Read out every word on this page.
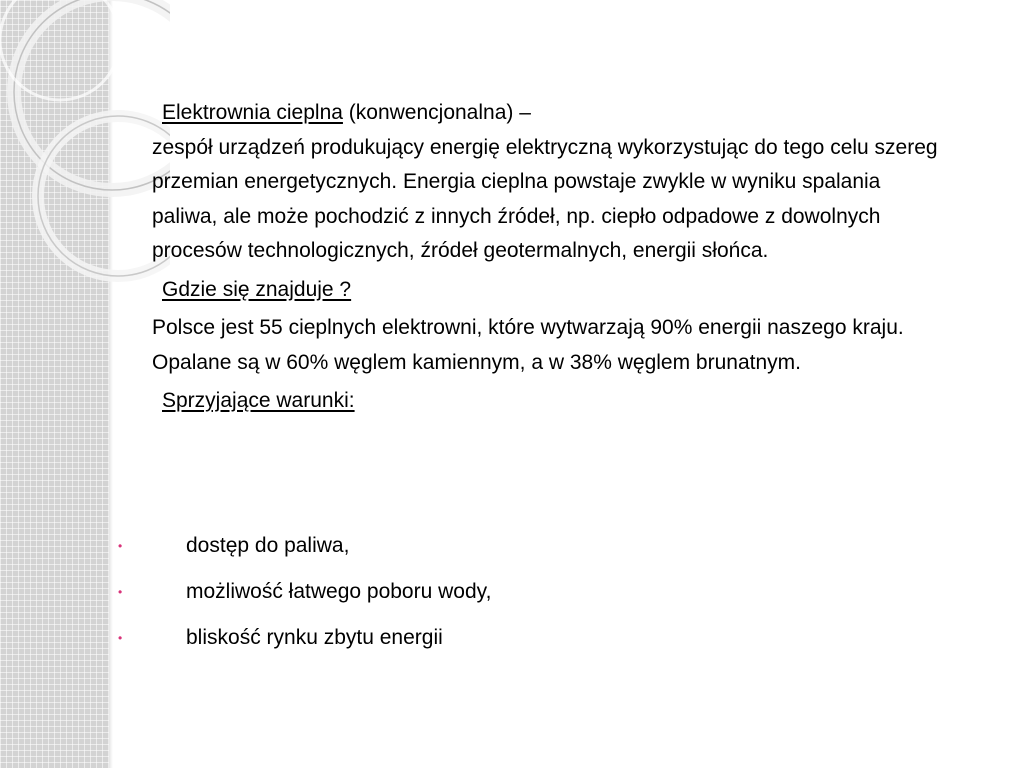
Elektrownia cieplna (konwencjonalna) –

zespół urządzeń produkujący energię elektryczną wykorzystując do tego celu szereg przemian energetycznych. Energia cieplna powstaje zwykle w wyniku spalania paliwa, ale może pochodzić z innych źródeł, np. ciepło odpadowe z dowolnych procesów technologicznych, źródeł geotermalnych, energii słońca.

Gdzie się znajduje ?

Polsce jest 55 cieplnych elektrowni, które wytwarzają 90% energii naszego kraju. Opalane są w 60% węglem kamiennym, a w 38% węglem brunatnym.

Sprzyjające warunki:

•	dostęp do paliwa,
•	możliwość łatwego poboru wody,
•	bliskość rynku zbytu energii
